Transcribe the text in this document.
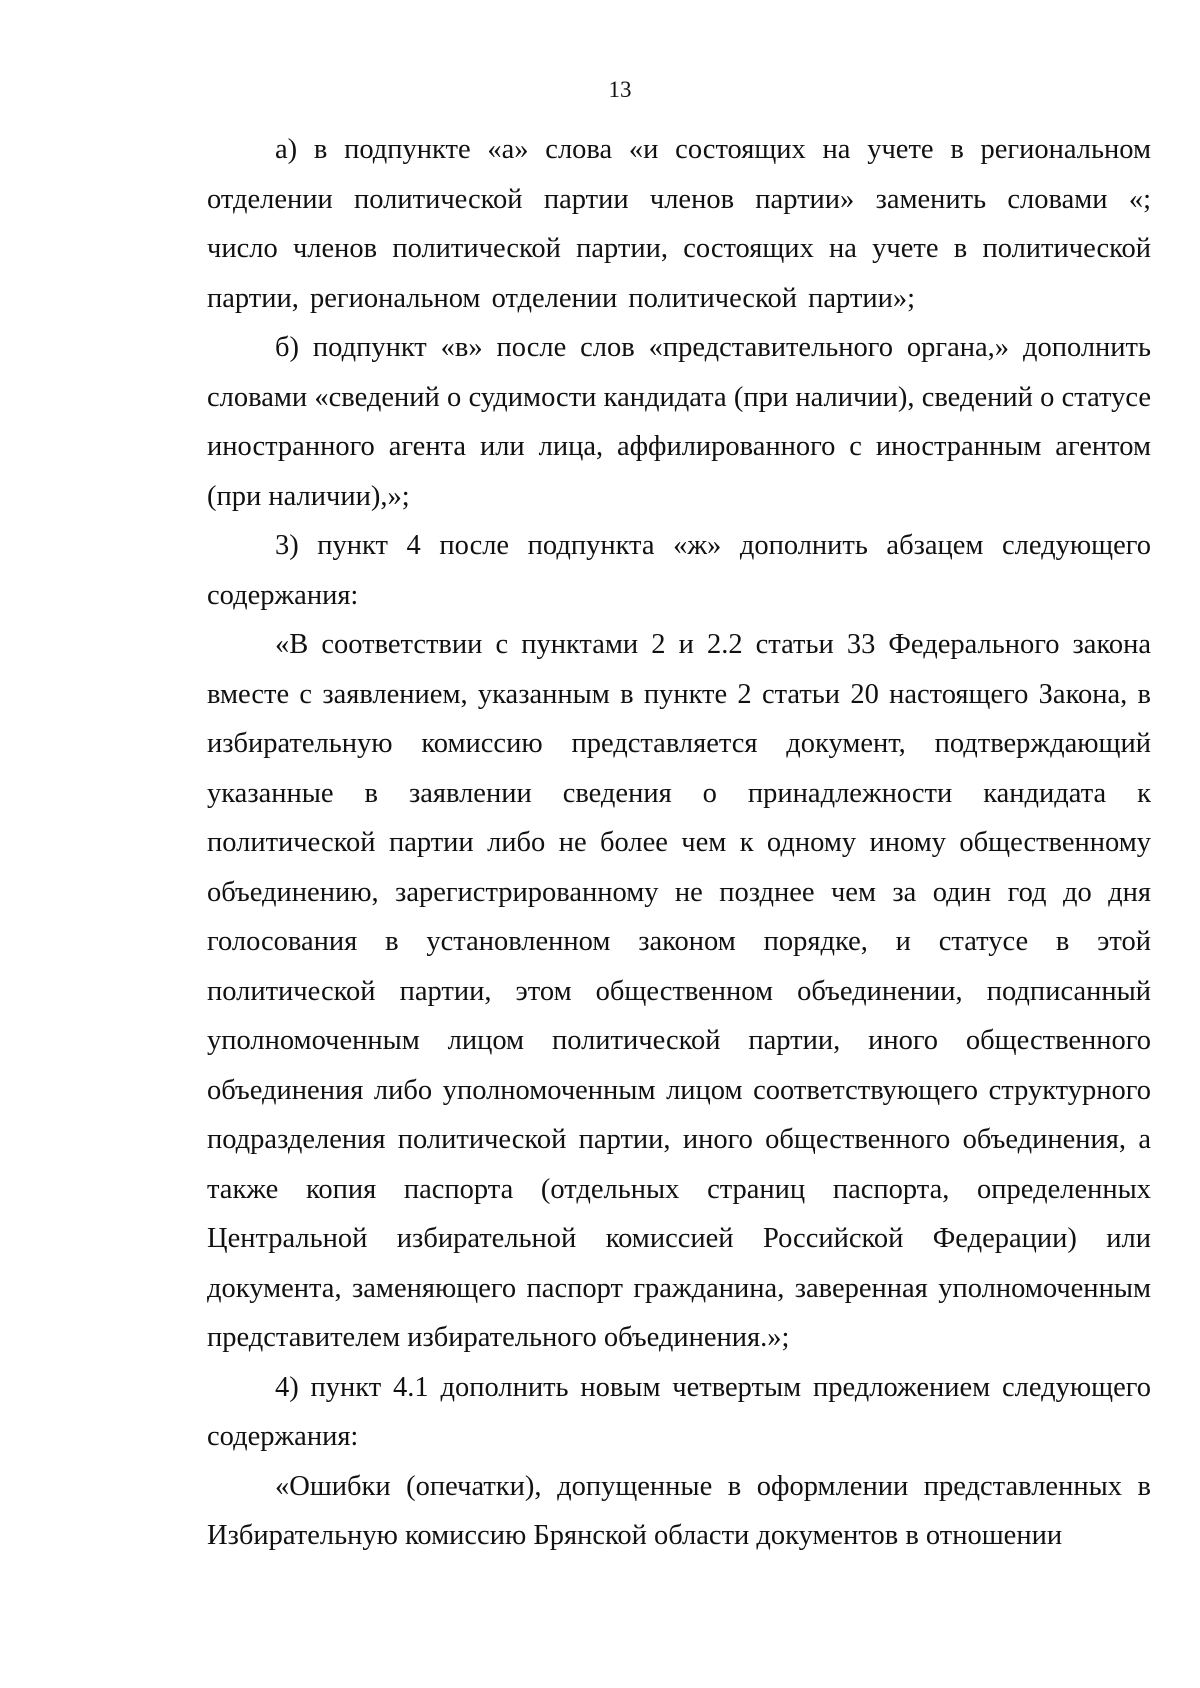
13

а) в подпункте «а» слова «и состоящих на учете в региональном отделении политической партии членов партии» заменить словами «; число членов политической партии, состоящих на учете в политической партии, региональном отделении политической партии»;

б) подпункт «в» после слов «представительного органа,» дополнить словами «сведений о судимости кандидата (при наличии), сведений о статусе иностранного агента или лица, аффилированного с иностранным агентом (при наличии),»;

3) пункт 4 после подпункта «ж» дополнить абзацем следующего содержания:

«В соответствии с пунктами 2 и 2.2 статьи 33 Федерального закона вместе с заявлением, указанным в пункте 2 статьи 20 настоящего Закона, в избирательную комиссию представляется документ, подтверждающий указанные в заявлении сведения о принадлежности кандидата к политической партии либо не более чем к одному иному общественному объединению, зарегистрированному не позднее чем за один год до дня голосования в установленном законом порядке, и статусе в этой политической партии, этом общественном объединении, подписанный уполномоченным лицом политической партии, иного общественного объединения либо уполномоченным лицом соответствующего структурного подразделения политической партии, иного общественного объединения, а также копия паспорта (отдельных страниц паспорта, определенных Центральной избирательной комиссией Российской Федерации) или документа, заменяющего паспорт гражданина, заверенная уполномоченным представителем избирательного объединения.»;

4) пункт 4.1 дополнить новым четвертым предложением следующего содержания:

«Ошибки (опечатки), допущенные в оформлении представленных в Избирательную комиссию Брянской области документов в отношении
